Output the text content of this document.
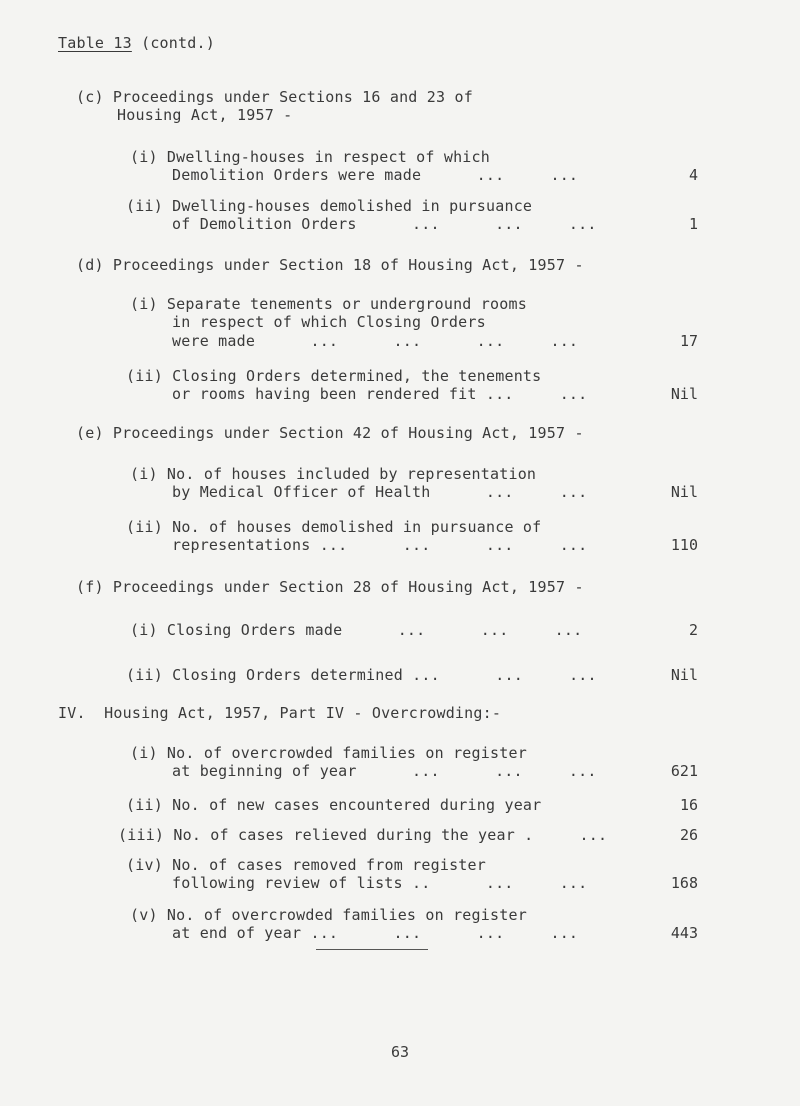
Table 13 (contd.)
(c) Proceedings under Sections 16 and 23 of
Housing Act, 1957 -
(i) Dwelling-houses in respect of which
Demolition Orders were made      ...     ...	4
(ii) Dwelling-houses demolished in pursuance
of Demolition Orders      ...      ...     ...	1
(d) Proceedings under Section 18 of Housing Act, 1957 -
(i) Separate tenements or underground rooms
in respect of which Closing Orders
were made      ...      ...      ...     ...	17
(ii) Closing Orders determined, the tenements
or rooms having been rendered fit ...     ...	Nil
(e) Proceedings under Section 42 of Housing Act, 1957 -
(i) No. of houses included by representation
by Medical Officer of Health      ...     ...	Nil
(ii) No. of houses demolished in pursuance of
representations ...      ...      ...     ...	110
(f) Proceedings under Section 28 of Housing Act, 1957 -
(i) Closing Orders made      ...      ...     ...	2
(ii) Closing Orders determined ...      ...     ...	Nil
IV.  Housing Act, 1957, Part IV - Overcrowding:-
(i) No. of overcrowded families on register
at beginning of year      ...      ...     ...	621
(ii) No. of new cases encountered during year	16
(iii) No. of cases relieved during the year .     ...	26
(iv) No. of cases removed from register
following review of lists ..      ...     ...	168
(v) No. of overcrowded families on register
at end of year ...      ...      ...     ...	443
63
